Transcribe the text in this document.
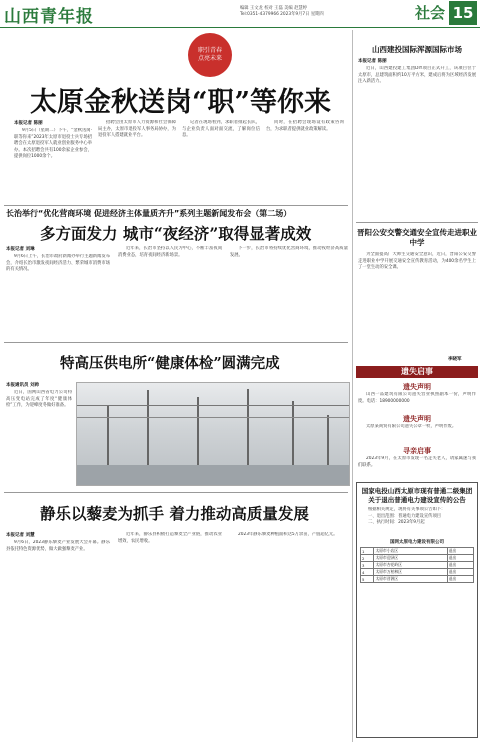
山西青年报	编辑 王文龙 校对 王磊 美编 赵慧婷
Tel:0351-4379966 2023年9月7日 星期四	社会 15
职引青春
点亮未来
太原金秋送岗“职”等你来
本报记者 陈丽

9月5日（星期二）下午，“金秋送岗·职等你来”2023年太原市退役士兵专场招聘会在太原退役军人就业创业服务中心举办。本次招聘会共有100余家企业参会，提供岗位1000余个。

招聘会由太原市人力资源和社会保障局主办，太原市退役军人事务局协办，为退役军人搭建就业平台。

记者在现场看到，求职者排起长队，与企业负责人面对面交流，了解岗位信息。

同时，在招聘会现场设有政策咨询台，为求职者提供就业政策解读。

长治举行“优化营商环境 促进经济主体量质齐升”系列主题新闻发布会（第二场）
多方面发力 城市“夜经济”取得显著成效
本报记者 刘琳

9月6日上午，长治市政府新闻办举行主题新闻发布会，介绍长治市激发夜间经济活力、繁荣城市消费市场的有关情况。

近年来，长治市坚持以人民为中心，不断丰富夜间消费业态，培育夜间经济新场景。

下一步，长治市将持续优化营商环境，推动夜经济高质量发展。

特高压供电所“健康体检”圆满完成
本报通讯员 刘帅

近日，国网山西省电力公司特高压变电站完成了年度“健康体检”工作，为迎峰度冬做好准备。

静乐以藜麦为抓手 着力推动高质量发展
本报记者 刘慧

9月6日，2023静乐藜麦产业发展大会开幕。静乐县依托特色资源优势，做大做强藜麦产业。

近年来，静乐县积极打造藜麦全产业链，推动农业增效、农民增收。

2023年静乐藜麦种植面积达5万余亩，产值超亿元。

山西建投国际浑源国际市场
本报记者 陈丽

近日，山西建投建工集团DIY项目正式开工，该项目位于太原市，总建筑面积约10万平方米，建成后将为区域经济发展注入新活力。

晋阳公安交警交通安全宣传走进职业中学

为全面提高广大师生交通安全意识，近日，晋阳公安交警走进职业中学开展交通安全宣传教育活动，为400余名学生上了一堂生动的安全课。

李晓军
遗失启事
遗失声明

山西一品建筑有限公司遗失营业执照副本一份，声明作废。电话：18900000000

遗失声明

太原某商贸有限公司遗失公章一枚，声明作废。

寻亲启事

2023年9月，在太原市发现一名走失老人，请家属速与我们联系。

国家电投山西太原市现有普通二级集团关于退出普通电力建设宣传的公告

根据相关规定，现将有关事项公告如下：

一、退出范围：普通电力建设宣传项目

二、执行时间：2023年9月起

国网太原电力建设有限公司
1	太原市小店区	退出
2	太原市迎泽区	退出
3	太原市杏花岭区	退出
4	太原市万柏林区	退出
5	太原市晋源区	退出
